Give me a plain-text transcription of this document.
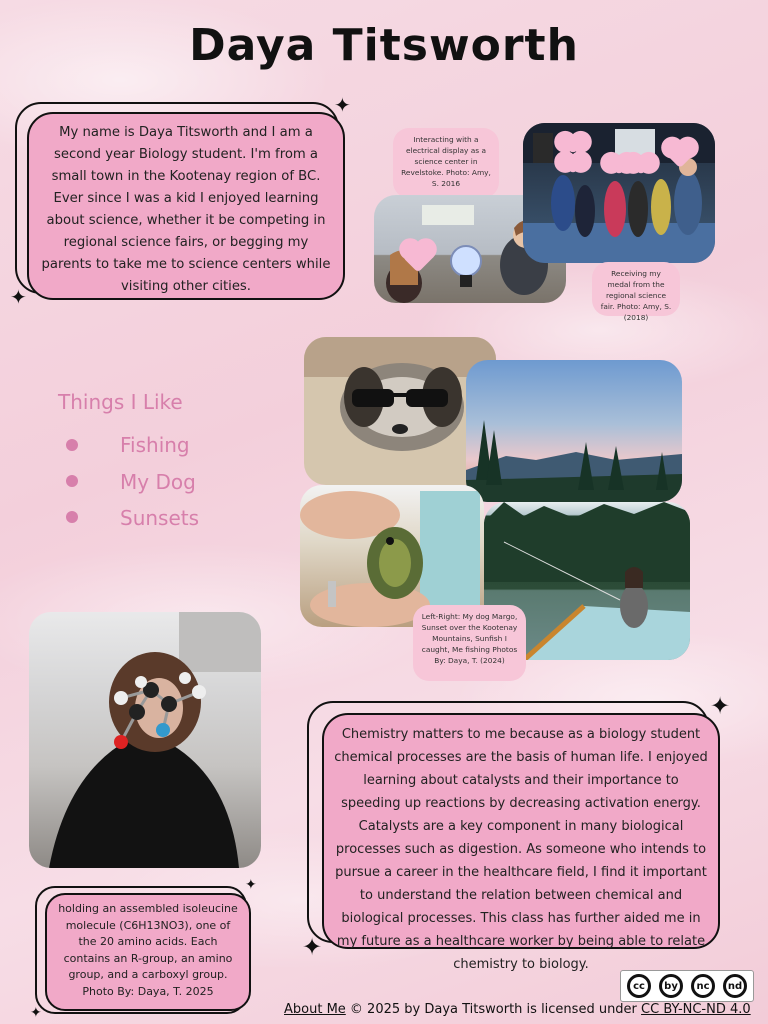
Daya Titsworth
My name is Daya Titsworth and I am a second year Biology student. I'm from a small town in the Kootenay region of BC. Ever since I was a kid I enjoyed learning about science, whether it be competing in regional science fairs, or begging my parents to take me to science centers while visiting other cities.
✦
✦
Interacting with a electrical display as a science center in Revelstoke. Photo: Amy, S. 2016
Receiving my medal from the regional science fair. Photo: Amy, S. (2018)
Things I Like
Fishing
My Dog
Sunsets
Left-Right: My dog Margo, Sunset over the Kootenay Mountains, Sunfish I caught, Me fishing Photos By: Daya, T. (2024)
holding an assembled isoleucine molecule (C6H13NO3), one of the 20 amino acids. Each contains an R-group, an amino group, and a carboxyl group. Photo By: Daya, T. 2025
✦
✦
Chemistry matters to me because as a biology student chemical processes are the basis of human life. I enjoyed learning about catalysts and their importance to speeding up reactions by decreasing activation energy. Catalysts are a key component in many biological processes such as digestion. As someone who intends to pursue a career in the healthcare field, I find it important to understand the relation between chemical and biological processes. This class has further aided me in my future as a healthcare worker by being able to relate chemistry to biology.
✦
✦
cc	by	nc	nd
About Me © 2025 by Daya Titsworth is licensed under CC BY-NC-ND 4.0
